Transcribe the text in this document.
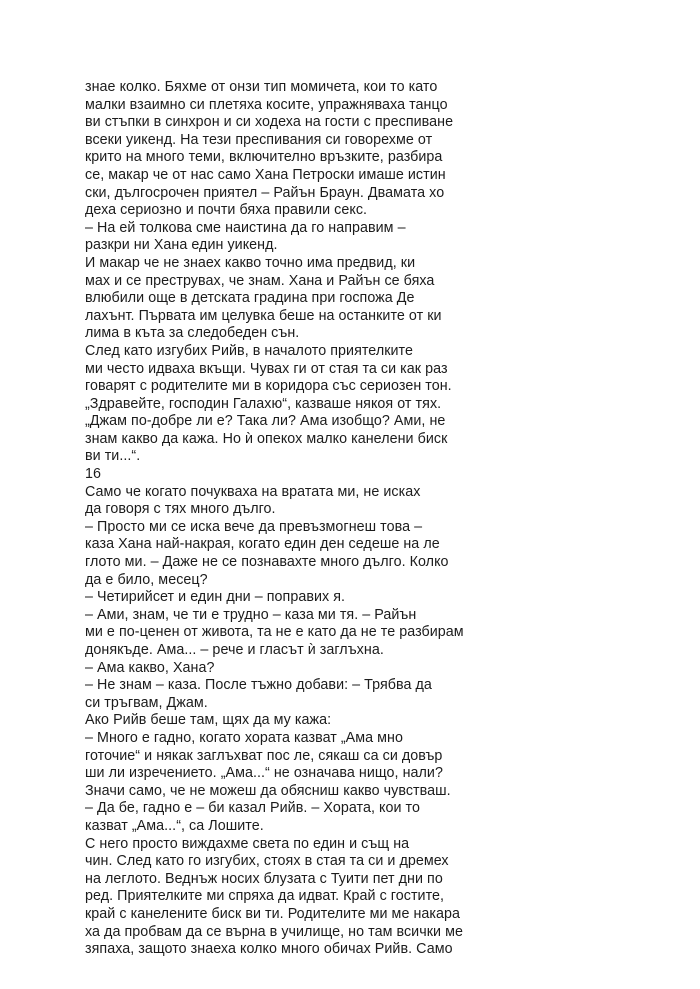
знае колко. Бяхме от онзи тип момичета, кои то като
малки взаимно си плетяха косите, упражняваха танцо
ви стъпки в синхрон и си ходеха на гости с преспиване
всеки уикенд. На тези преспивания си говорехме от
крито на много теми, включително връзките, разбира
се, макар че от нас само Хана Петроски имаше истин
ски, дългосрочен приятел – Райън Браун. Двамата хо
деха сериозно и почти бяха правили секс.
– На ей толкова сме наистина да го направим –
разкри ни Хана един уикенд.
И макар че не знаех какво точно има предвид, ки
мах и се преструвах, че знам. Хана и Райън се бяха
влюбили още в детската градина при госпожа Де
лахънт. Първата им целувка беше на останките от ки
лима в къта за следобеден сън.
След като изгубих Рийв, в началото приятелките
ми често идваха вкъщи. Чувах ги от стая та си как раз
говарят с родителите ми в коридора със сериозен тон.
„Здравейте, господин Галахю“, казваше някоя от тях.
„Джам по-добре ли е? Така ли? Ама изобщо? Ами, не
знам какво да кажа. Но ѝ опекох малко канелени биск
ви ти...“.
16
Само че когато почукваха на вратата ми, не исках
да говоря с тях много дълго.
– Просто ми се иска вече да превъзмогнеш това –
каза Хана най-накрая, когато един ден седеше на ле
глото ми. – Даже не се познавахте много дълго. Колко
да е било, месец?
– Четирийсет и един дни – поправих я.
– Ами, знам, че ти е трудно – каза ми тя. – Райън
ми е по-ценен от живота, та не е като да не те разбирам
донякъде. Ама... – рече и гласът ѝ заглъхна.
– Ама какво, Хана?
– Не знам – каза. После тъжно добави: – Трябва да
си тръгвам, Джам.
Ако Рийв беше там, щях да му кажа:
– Много е гадно, когато хората казват „Ама мно
готочие“ и някак заглъхват пос ле, сякаш са си довър
ши ли изречението. „Ама...“ не означава нищо, нали?
Значи само, че не можеш да обясниш какво чувстваш.
– Да бе, гадно е – би казал Рийв. – Хората, кои то
казват „Ама...“, са Лошите.
С него просто виждахме света по един и същ на
чин. След като го изгубих, стоях в стая та си и дремех
на леглото. Веднъж носих блузата с Туити пет дни по
ред. Приятелките ми спряха да идват. Край с гостите,
край с канелените биск ви ти. Родителите ми ме накара
ха да пробвам да се върна в училище, но там всички ме
зяпаха, защото знаеха колко много обичах Рийв. Само
